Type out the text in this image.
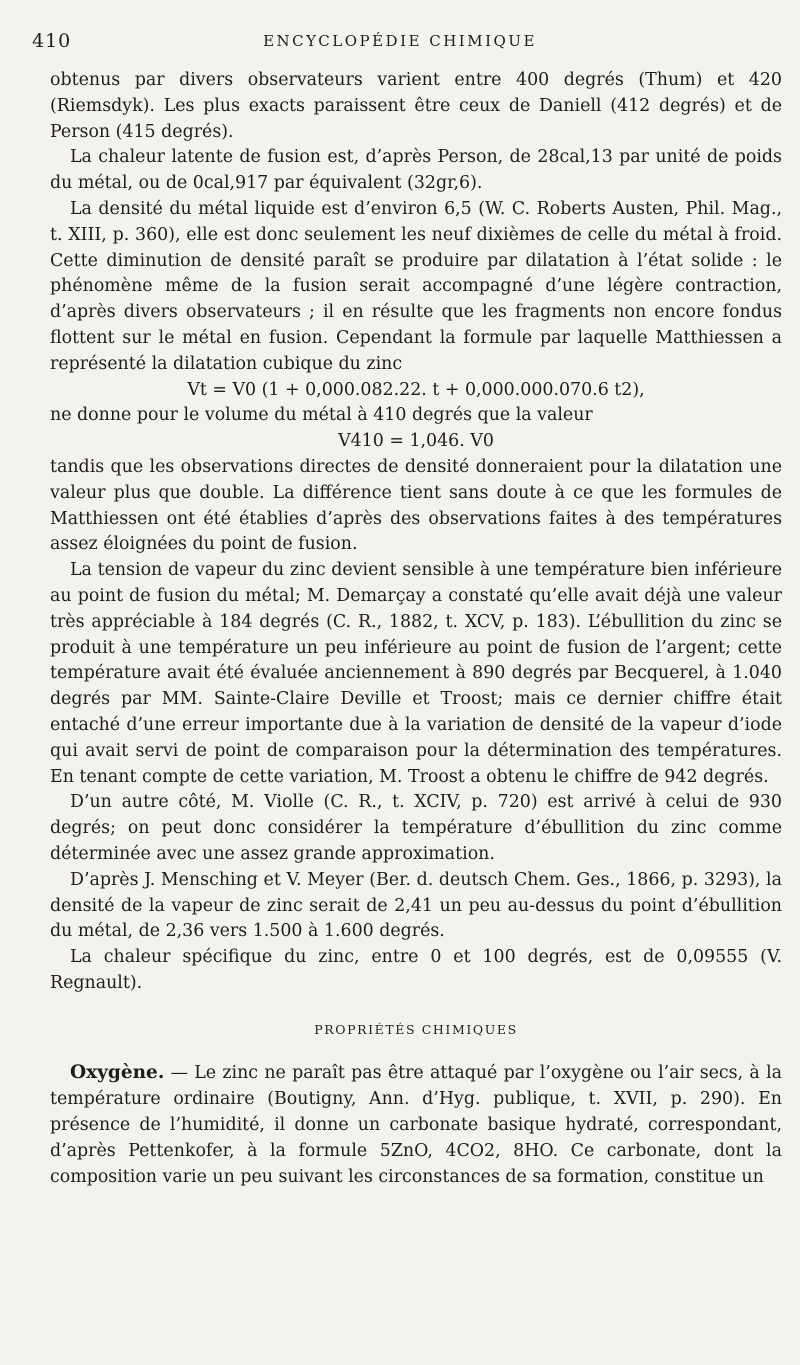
410	ENCYCLOPÉDIE CHIMIQUE

obtenus par divers observateurs varient entre 400 degrés (Thum) et 420 (Riemsdyk). Les plus exacts paraissent être ceux de Daniell (412 degrés) et de Person (415 degrés).

La chaleur latente de fusion est, d’après Person, de 28cal,13 par unité de poids du métal, ou de 0cal,917 par équivalent (32gr,6).

La densité du métal liquide est d’environ 6,5 (W. C. Roberts Austen, Phil. Mag., t. XIII, p. 360), elle est donc seulement les neuf dixièmes de celle du métal à froid. Cette diminution de densité paraît se produire par dilatation à l’état solide : le phénomène même de la fusion serait accompagné d’une légère contraction, d’après divers observateurs ; il en résulte que les fragments non encore fondus flottent sur le métal en fusion. Cependant la formule par laquelle Matthiessen a représenté la dilatation cubique du zinc

Vt = V0 (1 + 0,000.082.22. t + 0,000.000.070.6 t2),

ne donne pour le volume du métal à 410 degrés que la valeur

V410 = 1,046. V0

tandis que les observations directes de densité donneraient pour la dilatation une valeur plus que double. La différence tient sans doute à ce que les formules de Matthiessen ont été établies d’après des observations faites à des températures assez éloignées du point de fusion.

La tension de vapeur du zinc devient sensible à une température bien inférieure au point de fusion du métal; M. Demarçay a constaté qu’elle avait déjà une valeur très appréciable à 184 degrés (C. R., 1882, t. XCV, p. 183). L’ébullition du zinc se produit à une température un peu inférieure au point de fusion de l’argent; cette température avait été évaluée anciennement à 890 degrés par Becquerel, à 1.040 degrés par MM. Sainte-Claire Deville et Troost; mais ce dernier chiffre était entaché d’une erreur importante due à la variation de densité de la vapeur d’iode qui avait servi de point de comparaison pour la détermination des températures. En tenant compte de cette variation, M. Troost a obtenu le chiffre de 942 degrés.

D’un autre côté, M. Violle (C. R., t. XCIV, p. 720) est arrivé à celui de 930 degrés; on peut donc considérer la température d’ébullition du zinc comme déterminée avec une assez grande approximation.

D’après J. Mensching et V. Meyer (Ber. d. deutsch Chem. Ges., 1866, p. 3293), la densité de la vapeur de zinc serait de 2,41 un peu au-dessus du point d’ébullition du métal, de 2,36 vers 1.500 à 1.600 degrés.

La chaleur spécifique du zinc, entre 0 et 100 degrés, est de 0,09555 (V. Regnault).

PROPRIÉTÉS CHIMIQUES

Oxygène. — Le zinc ne paraît pas être attaqué par l’oxygène ou l’air secs, à la température ordinaire (Boutigny, Ann. d’Hyg. publique, t. XVII, p. 290). En présence de l’humidité, il donne un carbonate basique hydraté, correspondant, d’après Pettenkofer, à la formule 5ZnO, 4CO2, 8HO. Ce carbonate, dont la composition varie un peu suivant les circonstances de sa formation, constitue un
